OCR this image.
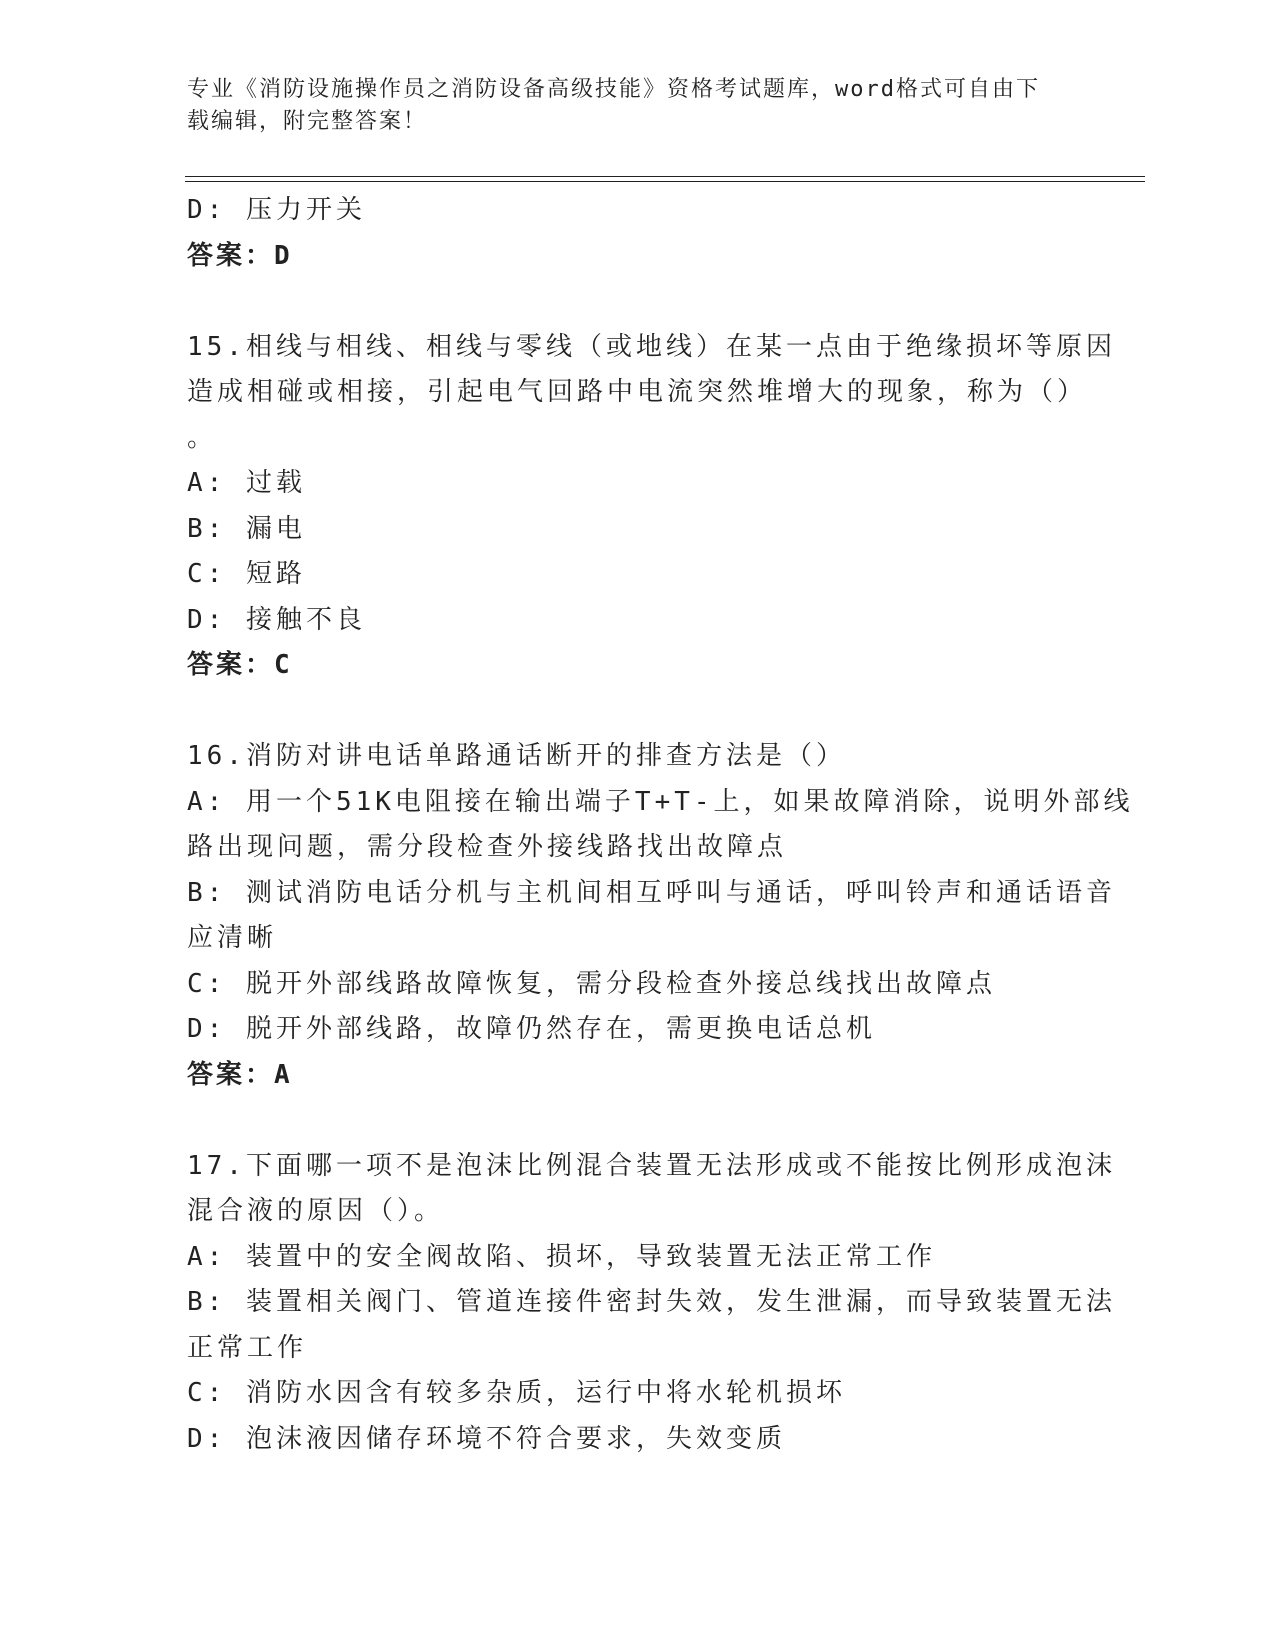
专业《消防设施操作员之消防设备高级技能》资格考试题库，word格式可自由下
载编辑，附完整答案！

D: 压力开关

答案：D

15.相线与相线、相线与零线（或地线）在某一点由于绝缘损坏等原因

造成相碰或相接，引起电气回路中电流突然堆增大的现象，称为（）

。

A: 过载

B: 漏电

C: 短路

D: 接触不良

答案：C

16.消防对讲电话单路通话断开的排查方法是（）

A: 用一个51K电阻接在输出端子T+T-上，如果故障消除，说明外部线

路出现问题，需分段检查外接线路找出故障点

B: 测试消防电话分机与主机间相互呼叫与通话，呼叫铃声和通话语音

应清晰

C: 脱开外部线路故障恢复，需分段检查外接总线找出故障点

D: 脱开外部线路，故障仍然存在，需更换电话总机

答案：A

17.下面哪一项不是泡沫比例混合装置无法形成或不能按比例形成泡沫

混合液的原因（）。

A: 装置中的安全阀故陷、损坏，导致装置无法正常工作

B: 装置相关阀门、管道连接件密封失效，发生泄漏，而导致装置无法

正常工作

C: 消防水因含有较多杂质，运行中将水轮机损坏

D: 泡沫液因储存环境不符合要求，失效变质
